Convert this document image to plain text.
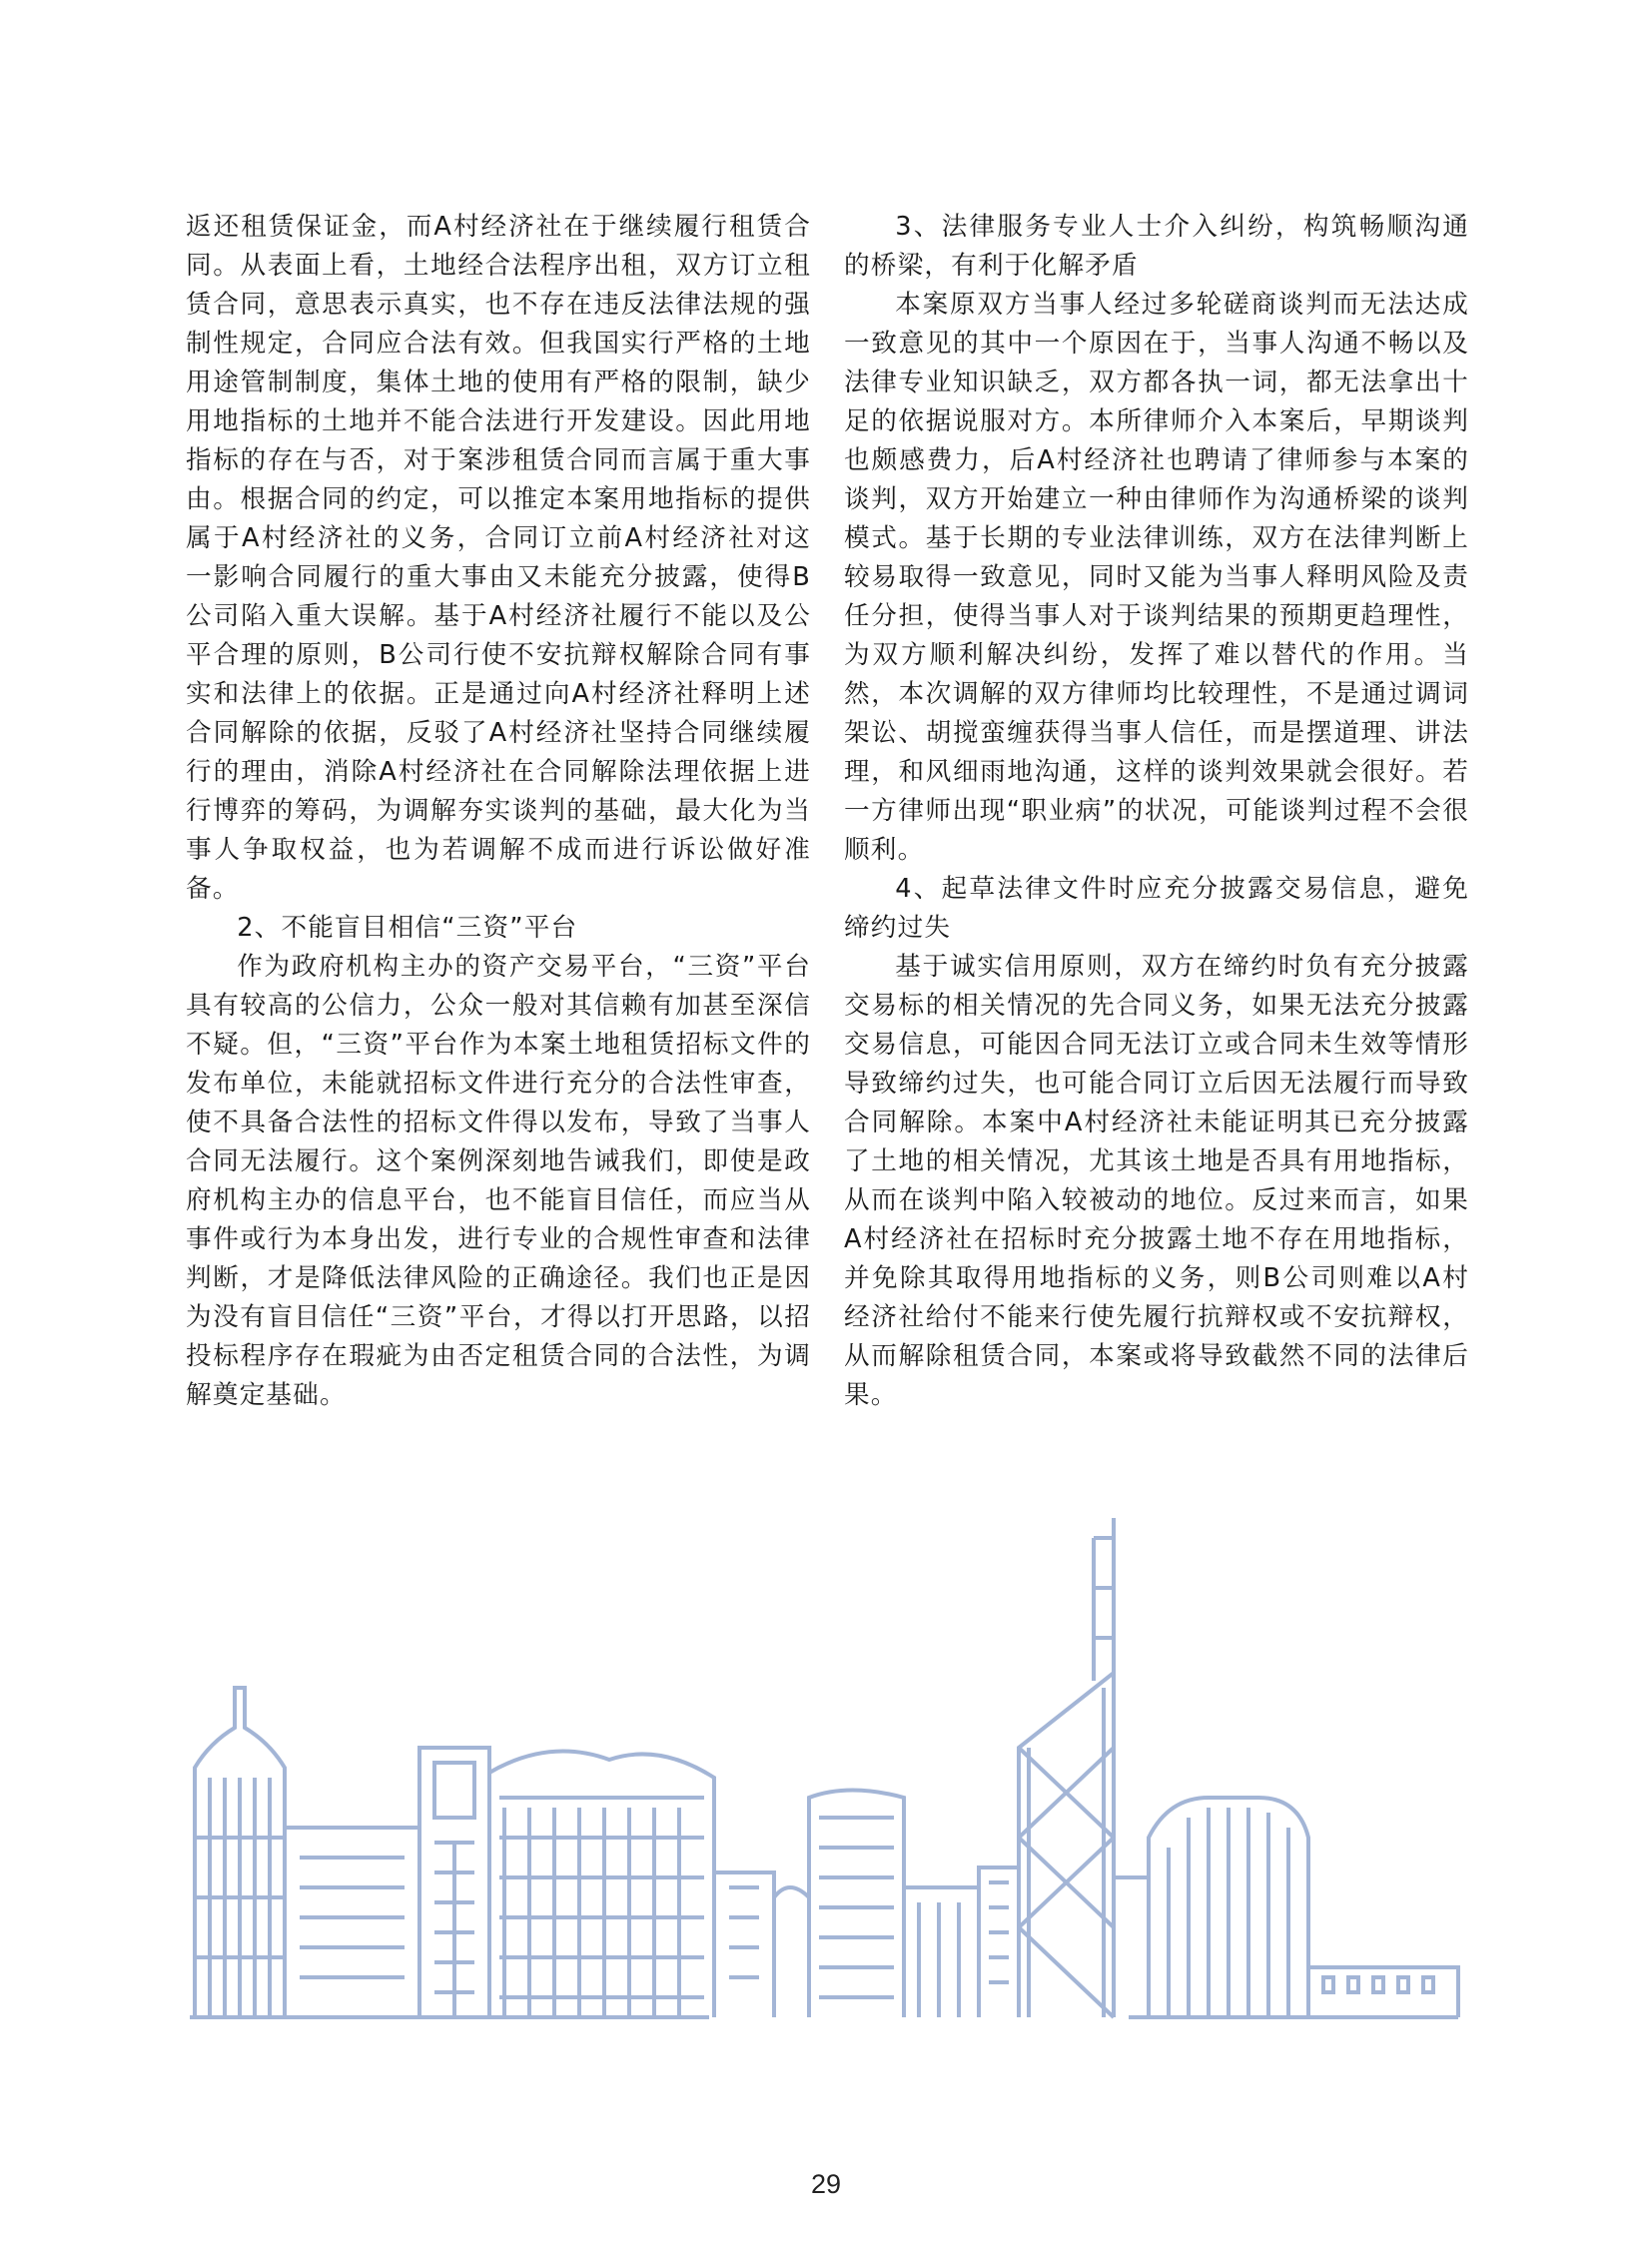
返还租赁保证金，而A村经济社在于继续履行租赁合同。从表面上看，土地经合法程序出租，双方订立租赁合同，意思表示真实，也不存在违反法律法规的强制性规定，合同应合法有效。但我国实行严格的土地用途管制制度，集体土地的使用有严格的限制，缺少用地指标的土地并不能合法进行开发建设。因此用地指标的存在与否，对于案涉租赁合同而言属于重大事由。根据合同的约定，可以推定本案用地指标的提供属于A村经济社的义务，合同订立前A村经济社对这一影响合同履行的重大事由又未能充分披露，使得B公司陷入重大误解。基于A村经济社履行不能以及公平合理的原则，B公司行使不安抗辩权解除合同有事实和法律上的依据。正是通过向A村经济社释明上述合同解除的依据，反驳了A村经济社坚持合同继续履行的理由，消除A村经济社在合同解除法理依据上进行博弈的筹码，为调解夯实谈判的基础，最大化为当事人争取权益，也为若调解不成而进行诉讼做好准备。

2、不能盲目相信“三资”平台

作为政府机构主办的资产交易平台，“三资”平台具有较高的公信力，公众一般对其信赖有加甚至深信不疑。但，“三资”平台作为本案土地租赁招标文件的发布单位，未能就招标文件进行充分的合法性审查，使不具备合法性的招标文件得以发布，导致了当事人合同无法履行。这个案例深刻地告诫我们，即使是政府机构主办的信息平台，也不能盲目信任，而应当从事件或行为本身出发，进行专业的合规性审查和法律判断，才是降低法律风险的正确途径。我们也正是因为没有盲目信任“三资”平台，才得以打开思路，以招投标程序存在瑕疵为由否定租赁合同的合法性，为调解奠定基础。

3、法律服务专业人士介入纠纷，构筑畅顺沟通的桥梁，有利于化解矛盾

本案原双方当事人经过多轮磋商谈判而无法达成一致意见的其中一个原因在于，当事人沟通不畅以及法律专业知识缺乏，双方都各执一词，都无法拿出十足的依据说服对方。本所律师介入本案后，早期谈判也颇感费力，后A村经济社也聘请了律师参与本案的谈判，双方开始建立一种由律师作为沟通桥梁的谈判模式。基于长期的专业法律训练，双方在法律判断上较易取得一致意见，同时又能为当事人释明风险及责任分担，使得当事人对于谈判结果的预期更趋理性，为双方顺利解决纠纷，发挥了难以替代的作用。当然，本次调解的双方律师均比较理性，不是通过调词架讼、胡搅蛮缠获得当事人信任，而是摆道理、讲法理，和风细雨地沟通，这样的谈判效果就会很好。若一方律师出现“职业病”的状况，可能谈判过程不会很顺利。

4、起草法律文件时应充分披露交易信息，避免缔约过失

基于诚实信用原则，双方在缔约时负有充分披露交易标的相关情况的先合同义务，如果无法充分披露交易信息，可能因合同无法订立或合同未生效等情形导致缔约过失，也可能合同订立后因无法履行而导致合同解除。本案中A村经济社未能证明其已充分披露了土地的相关情况，尤其该土地是否具有用地指标，从而在谈判中陷入较被动的地位。反过来而言，如果A村经济社在招标时充分披露土地不存在用地指标，并免除其取得用地指标的义务，则B公司则难以A村经济社给付不能来行使先履行抗辩权或不安抗辩权，从而解除租赁合同，本案或将导致截然不同的法律后果。

29
